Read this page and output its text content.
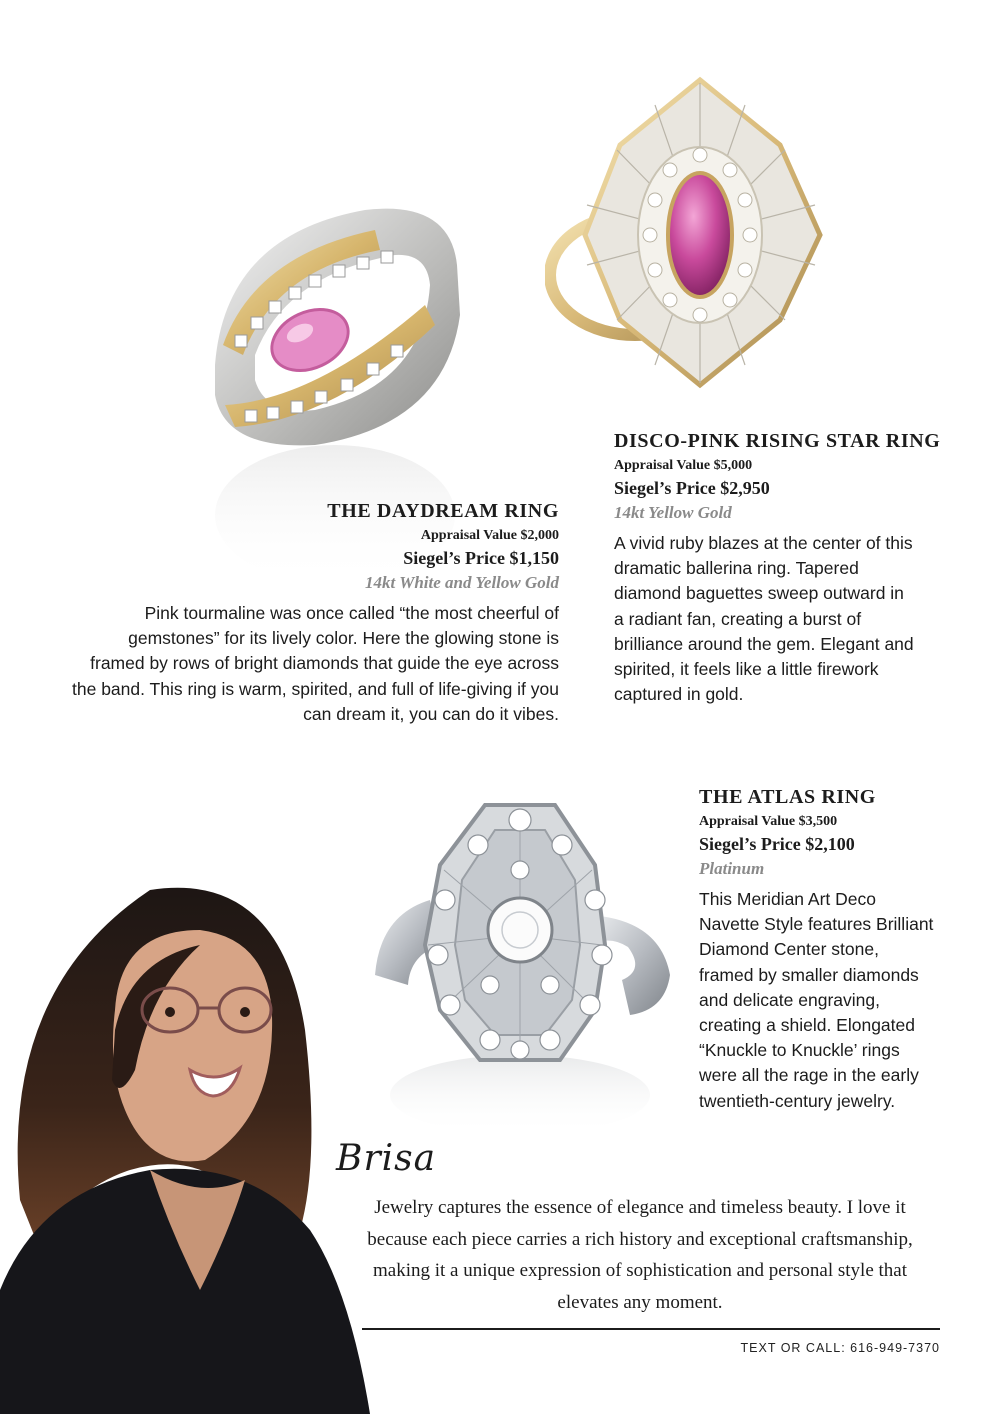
THE DAYDREAM RING
Appraisal Value $2,000
Siegel’s Price $1,150
14kt White and Yellow Gold
Pink tourmaline was once called “the most cheerful of gemstones” for its lively color. Here the glowing stone is framed by rows of bright diamonds that guide the eye across the band. This ring is warm, spirited, and full of life-giving if you can dream it, you can do it vibes.
DISCO-PINK RISING STAR RING
Appraisal Value $5,000
Siegel’s Price $2,950
14kt Yellow Gold
A vivid ruby blazes at the center of this dramatic ballerina ring. Tapered diamond baguettes sweep outward in a radiant fan, creating a burst of brilliance around the gem. Elegant and spirited, it feels like a little firework captured in gold.
THE ATLAS RING
Appraisal Value $3,500
Siegel’s Price $2,100
Platinum
This Meridian Art Deco Navette Style features Brilliant Diamond Center stone, framed by smaller diamonds and delicate engraving, creating a shield. Elongated “Knuckle to Knuckle’ rings were all the rage in the early twentieth-century jewelry.
Brisa
Jewelry captures the essence of elegance and timeless beauty. I love it because each piece carries a rich history and exceptional craftsmanship, making it a unique expression of sophistication and personal style that elevates any moment.
TEXT OR CALL: 616-949-7370
